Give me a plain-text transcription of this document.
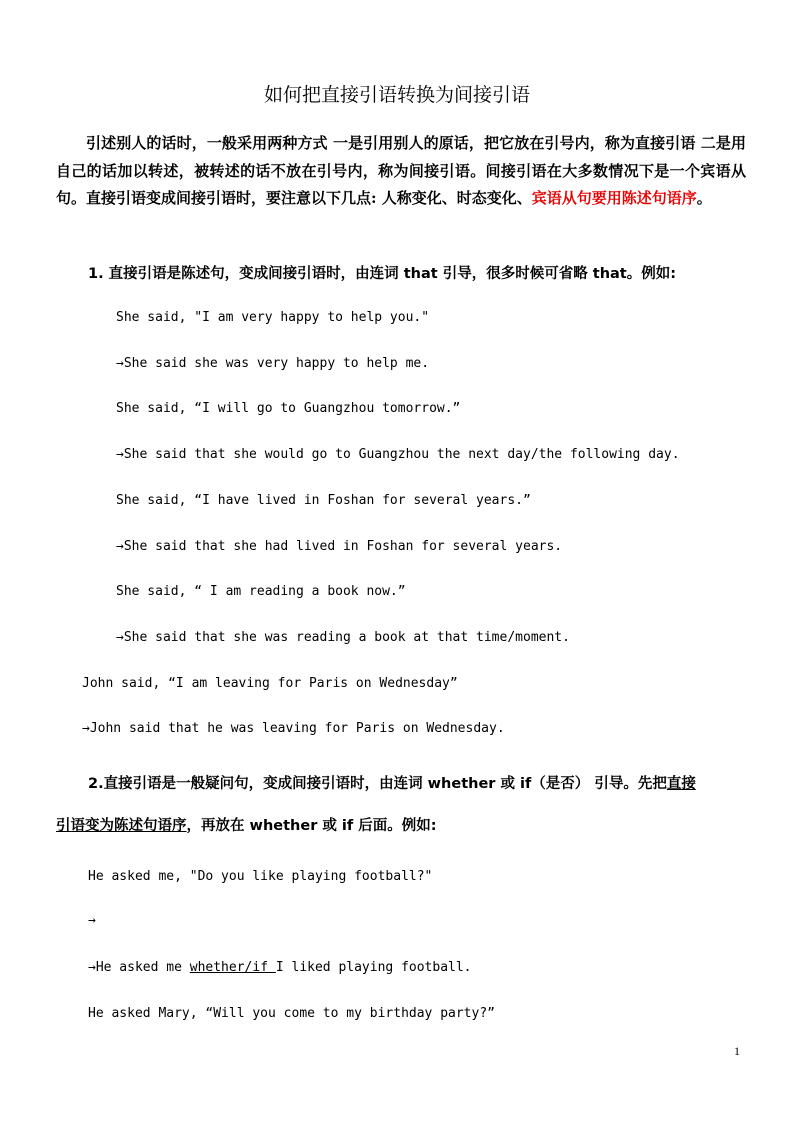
如何把直接引语转换为间接引语
引述别人的话时，一般采用两种方式 一是引用别人的原话，把它放在引号内，称为直接引语 二是用自己的话加以转述，被转述的话不放在引号内，称为间接引语。间接引语在大多数情况下是一个宾语从句。直接引语变成间接引语时，要注意以下几点: 人称变化、时态变化、宾语从句要用陈述句语序。
1. 直接引语是陈述句，变成间接引语时，由连词 that 引导，很多时候可省略 that。例如:
She said, "I am very happy to help you."
→She said she was very happy to help me.
She said, “I will go to Guangzhou tomorrow.”
→She said that she would go to Guangzhou the next day/the following day.
She said, “I have lived in Foshan for several years.”
→She said that she had lived in Foshan for several years.
She said, “ I am reading a book now.”
→She said that she was reading a book at that time/moment.
John said, “I am leaving for Paris on Wednesday”
→John said that he was leaving for Paris on Wednesday.
2.直接引语是一般疑问句，变成间接引语时，由连词 whether 或 if（是否） 引导。先把直接
引语变为陈述句语序，再放在 whether 或 if 后面。例如:
He asked me, "Do you like playing football?"
→
→He asked me whether/if I liked playing football.
He asked Mary, “Will you come to my birthday party?”
1
